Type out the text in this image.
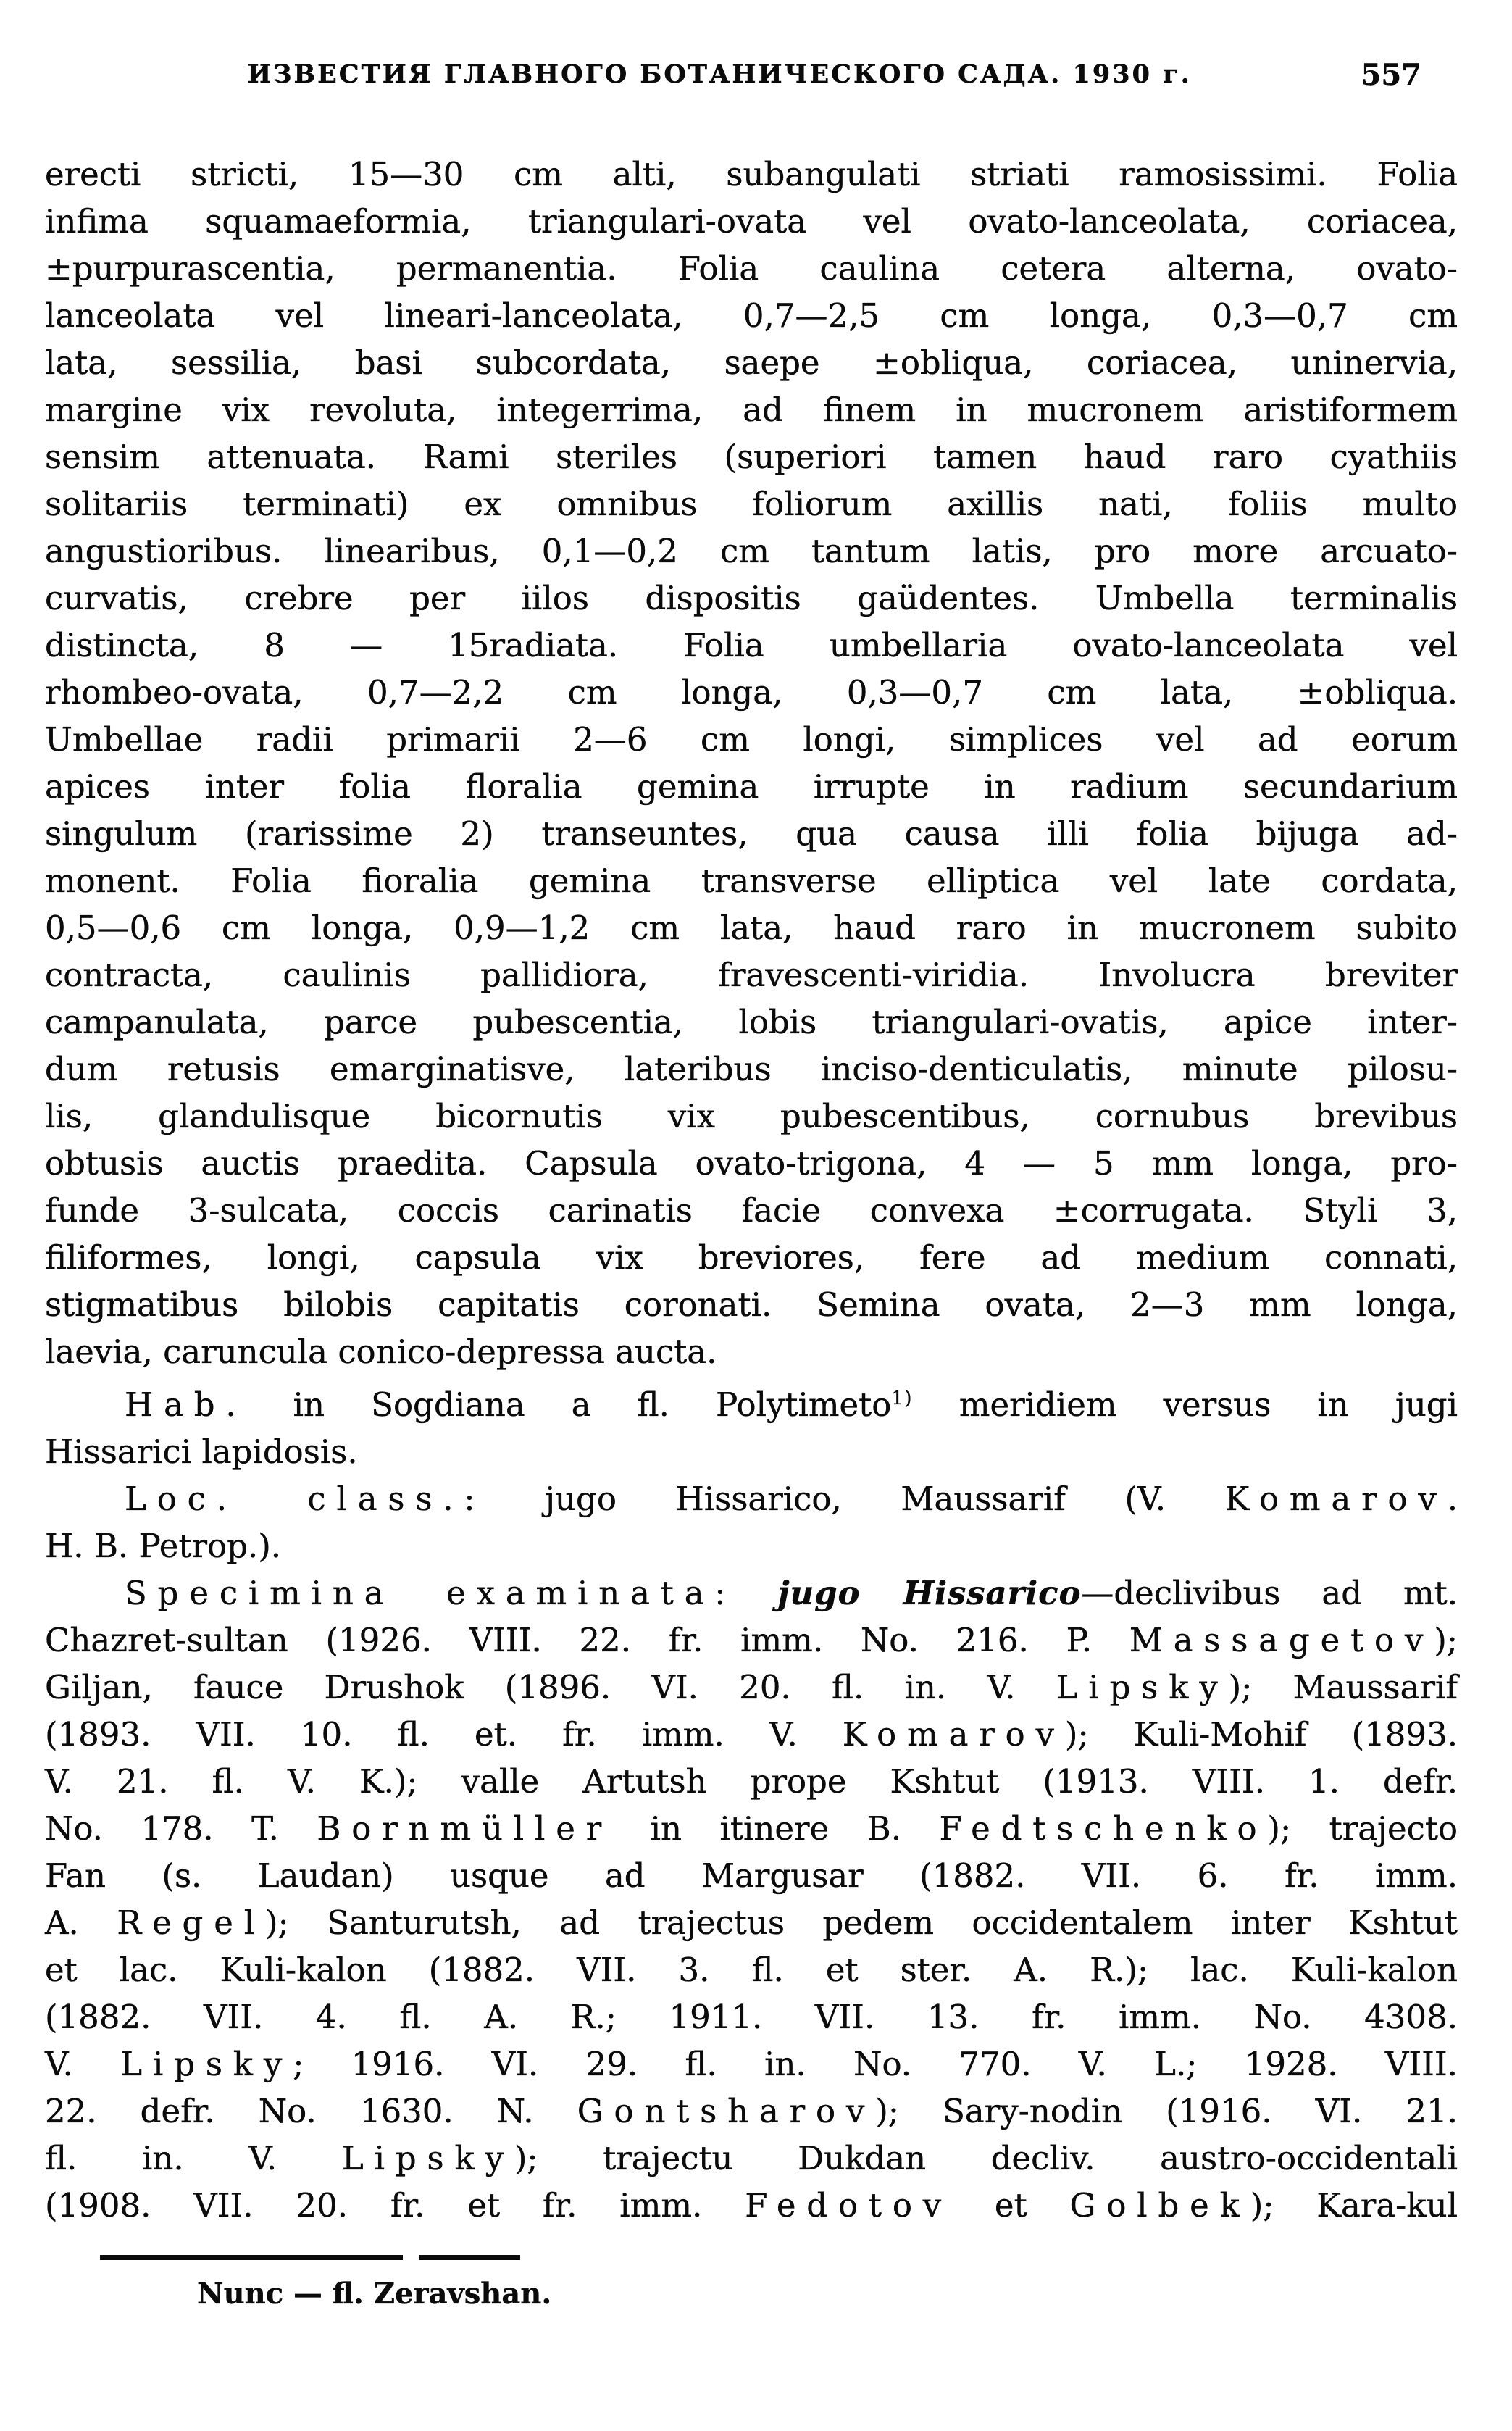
ИЗВЕСТИЯ ГЛАВНОГО БОТАНИЧЕСКОГО САДА. 1930 г.	557
erecti stricti, 15—30 cm alti, subangulati striati ramosissimi. Folia
infima squamaeformia, triangulari-ovata vel ovato-lanceolata, coriacea,
±purpurascentia, permanentia. Folia caulina cetera alterna, ovato-
lanceolata vel lineari-lanceolata, 0,7—2,5 cm longa, 0,3—0,7 cm
lata, sessilia, basi subcordata, saepe ±obliqua, coriacea, uninervia,
margine vix revoluta, integerrima, ad finem in mucronem aristiformem
sensim attenuata. Rami steriles (superiori tamen haud raro cyathiis
solitariis terminati) ex omnibus foliorum axillis nati, foliis multo
angustioribus. linearibus, 0,1—0,2 cm tantum latis, pro more arcuato-
curvatis, crebre per iilos dispositis gaüdentes. Umbella terminalis
distincta, 8 — 15radiata. Folia umbellaria ovato-lanceolata vel
rhombeo-ovata, 0,7—2,2 cm longa, 0,3—0,7 cm lata, ±obliqua.
Umbellae radii primarii 2—6 cm longi, simplices vel ad eorum
apices inter folia floralia gemina irrupte in radium secundarium
singulum (rarissime 2) transeuntes, qua causa illi folia bijuga ad-
monent. Folia fioralia gemina transverse elliptica vel late cordata,
0,5—0,6 cm longa, 0,9—1,2 cm lata, haud raro in mucronem subito
contracta, caulinis pallidiora, fravescenti-viridia. Involucra breviter
campanulata, parce pubescentia, lobis triangulari-ovatis, apice inter-
dum retusis emarginatisve, lateribus inciso-denticulatis, minute pilosu-
lis, glandulisque bicornutis vix pubescentibus, cornubus brevibus
obtusis auctis praedita. Capsula ovato-trigona, 4 — 5 mm longa, pro-
funde 3-sulcata, coccis carinatis facie convexa ±corrugata. Styli 3,
filiformes, longi, capsula vix breviores, fere ad medium connati,
stigmatibus bilobis capitatis coronati. Semina ovata, 2—3 mm longa,
laevia, caruncula conico-depressa aucta.
Hab. in Sogdiana a fl. Polytimeto$^{1)}$ meridiem versus in jugi
Hissarici lapidosis.
Loc. class.: jugo Hissarico, Maussarif (V. Komarov.
H. B. Petrop.).
Specimina examinata: jugo Hissarico—declivibus ad mt.
Chazret-sultan (1926. VIII. 22. fr. imm. No. 216. P. Massagetov);
Giljan, fauce Drushok (1896. VI. 20. fl. in. V. Lipsky); Maussarif
(1893. VII. 10. fl. et. fr. imm. V. Komarov); Kuli-Mohif (1893.
V. 21. fl. V. K.); valle Artutsh prope Kshtut (1913. VIII. 1. defr.
No. 178. T. Bornmüller in itinere B. Fedtschenko); trajecto
Fan (s. Laudan) usque ad Margusar (1882. VII. 6. fr. imm.
A. Regel); Santurutsh, ad trajectus pedem occidentalem inter Kshtut
et lac. Kuli-kalon (1882. VII. 3. fl. et ster. A. R.); lac. Kuli-kalon
(1882. VII. 4. fl. A. R.; 1911. VII. 13. fr. imm. No. 4308.
V. Lipsky; 1916. VI. 29. fl. in. No. 770. V. L.; 1928. VIII.
22. defr. No. 1630. N. Gontsharov); Sary-nodin (1916. VI. 21.
fl. in. V. Lipsky); trajectu Dukdan decliv. austro-occidentali
(1908. VII. 20. fr. et fr. imm. Fedotov et Golbek); Kara-kul
Nunc — fl. Zeravshan.
